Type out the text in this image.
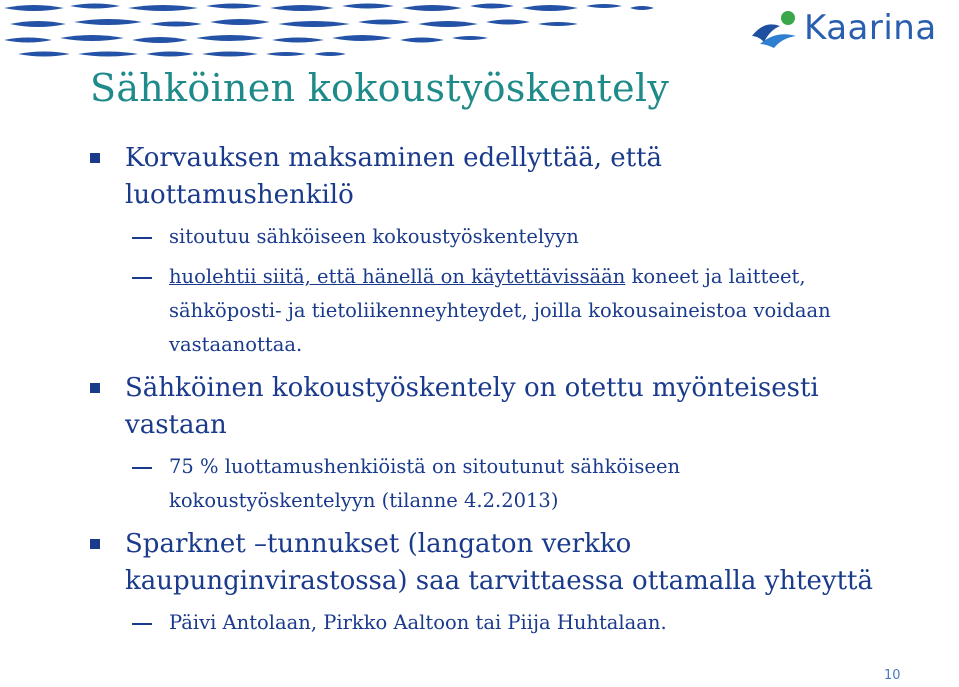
Kaarina
Sähköinen kokoustyöskentely
Korvauksen maksaminen edellyttää, että luottamushenkilö
sitoutuu sähköiseen kokoustyöskentelyyn
huolehtii siitä, että hänellä on käytettävissään koneet ja laitteet, sähköposti- ja tietoliikenneyhteydet, joilla kokousaineistoa voidaan vastaanottaa.
Sähköinen kokoustyöskentely on otettu myönteisesti vastaan
75 % luottamushenkiöistä on sitoutunut sähköiseen kokoustyöskentelyyn (tilanne 4.2.2013)
Sparknet –tunnukset (langaton verkko kaupunginvirastossa) saa tarvittaessa ottamalla yhteyttä
Päivi Antolaan, Pirkko Aaltoon tai Piija Huhtalaan.
10
